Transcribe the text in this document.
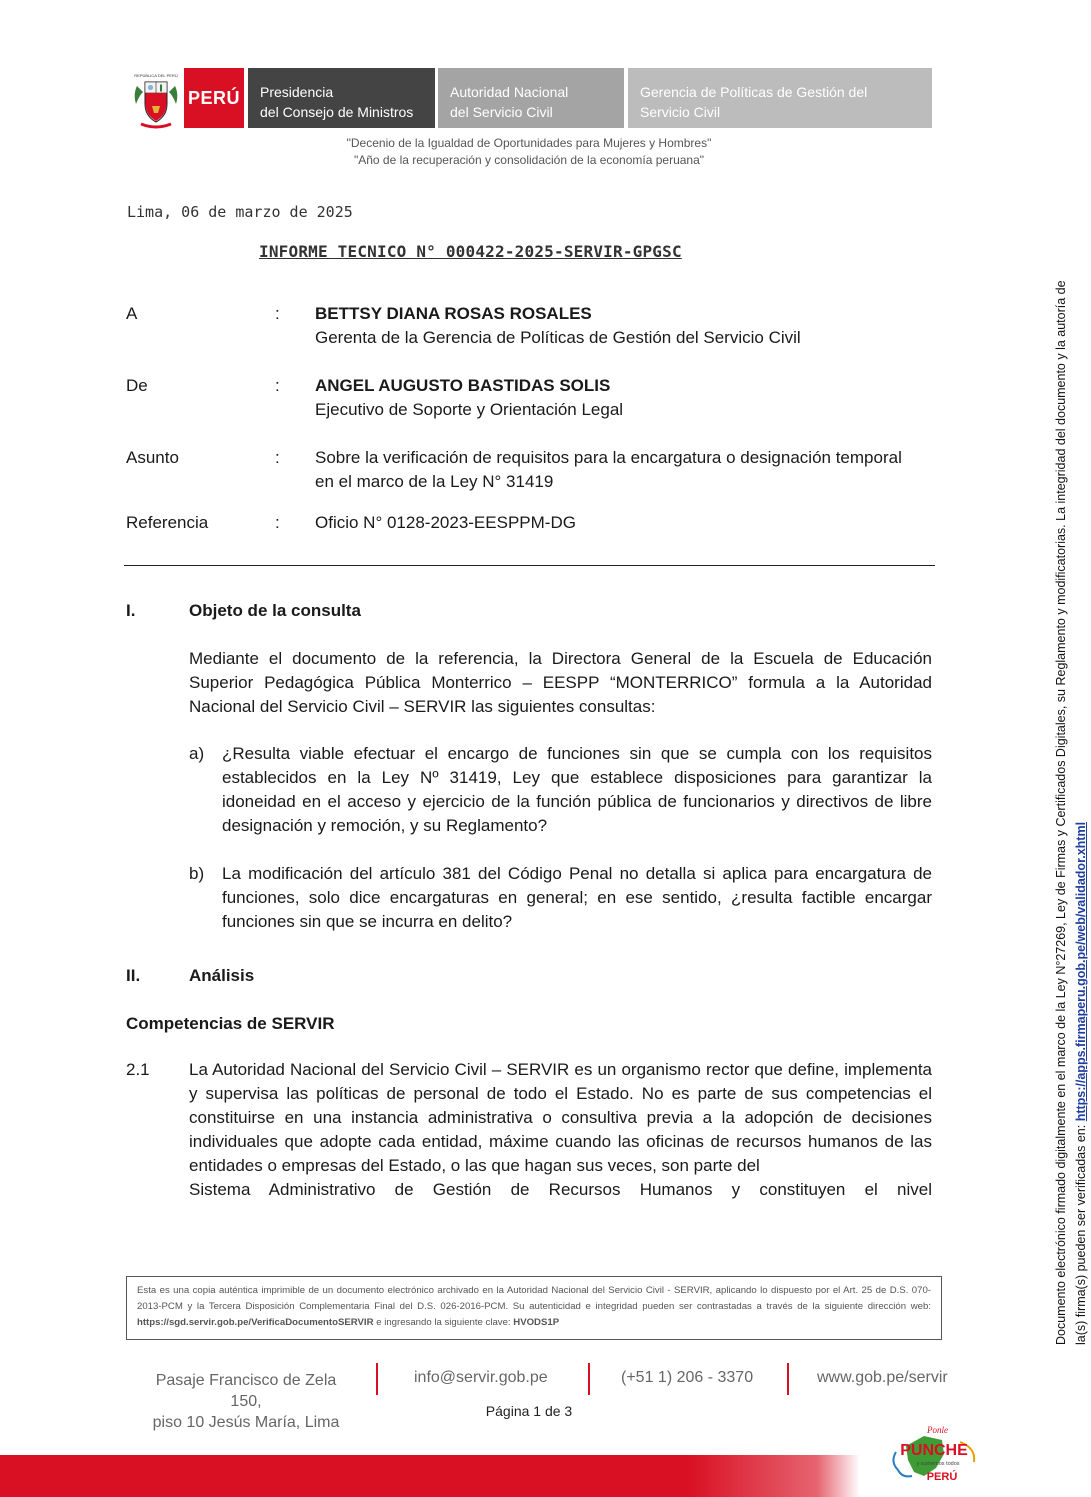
REPÚBLICA DEL PERÚ
PERÚ Presidencia
del Consejo de Ministros
Autoridad Nacional
del Servicio Civil
Gerencia de Políticas de Gestión del
Servicio Civil
"Decenio de la Igualdad de Oportunidades para Mujeres y Hombres"
"Año de la recuperación y consolidación de la economía peruana"
Lima, 06 de marzo de 2025
INFORME TECNICO N° 000422-2025-SERVIR-GPGSC
A	: BETTSY DIANA ROSAS ROSALES
Gerenta de la Gerencia de Políticas de Gestión del Servicio Civil
De	: ANGEL AUGUSTO BASTIDAS SOLIS
Ejecutivo de Soporte y Orientación Legal
Asunto	: Sobre la verificación de requisitos para la encargatura o designación temporal
en el marco de la Ley N° 31419
Referencia	: Oficio N° 0128-2023-EESPPM-DG
I.	Objeto de la consulta
Mediante el documento de la referencia, la Directora General de la Escuela de Educación Superior Pedagógica Pública Monterrico – EESPP “MONTERRICO” formula a la Autoridad Nacional del Servicio Civil – SERVIR las siguientes consultas:
a) ¿Resulta viable efectuar el encargo de funciones sin que se cumpla con los requisitos establecidos en la Ley Nº 31419, Ley que establece disposiciones para garantizar la idoneidad en el acceso y ejercicio de la función pública de funcionarios y directivos de libre designación y remoción, y su Reglamento?
b) La modificación del artículo 381 del Código Penal no detalla si aplica para encargatura de funciones, solo dice encargaturas en general; en ese sentido, ¿resulta factible encargar funciones sin que se incurra en delito?
II.	Análisis
Competencias de SERVIR
2.1 La Autoridad Nacional del Servicio Civil – SERVIR es un organismo rector que define, implementa y supervisa las políticas de personal de todo el Estado. No es parte de sus competencias el constituirse en una instancia administrativa o consultiva previa a la adopción de decisiones individuales que adopte cada entidad, máxime cuando las oficinas de recursos humanos de las entidades o empresas del Estado, o las que hagan sus veces, son parte del
Sistema Administrativo de Gestión de Recursos Humanos y constituyen el nivel
Esta es una copia auténtica imprimible de un documento electrónico archivado en la Autoridad Nacional del Servicio Civil - SERVIR, aplicando lo dispuesto por el Art. 25 de D.S. 070-2013-PCM y la Tercera Disposición Complementaria Final del D.S. 026-2016-PCM. Su autenticidad e integridad pueden ser contrastadas a través de la siguiente dirección web: https://sgd.servir.gob.pe/VerificaDocumentoSERVIR e ingresando la siguiente clave: HVODS1P
Pasaje Francisco de Zela 150,
piso 10 Jesús María, Lima
info@servir.gob.pe	(+51 1) 206 - 3370	www.gob.pe/servir
Página 1 de 3
Ponle
PUNCHE
y sumemos todos
PERÚ
Documento electrónico firmado digitalmente en el marco de la Ley N°27269, Ley de Firmas y Certificados Digitales, su Reglamento y modificatorias. La integridad del documento y la autoría de la(s) firma(s) pueden ser verificadas en: https://apps.firmaperu.gob.pe/web/validador.xhtml
